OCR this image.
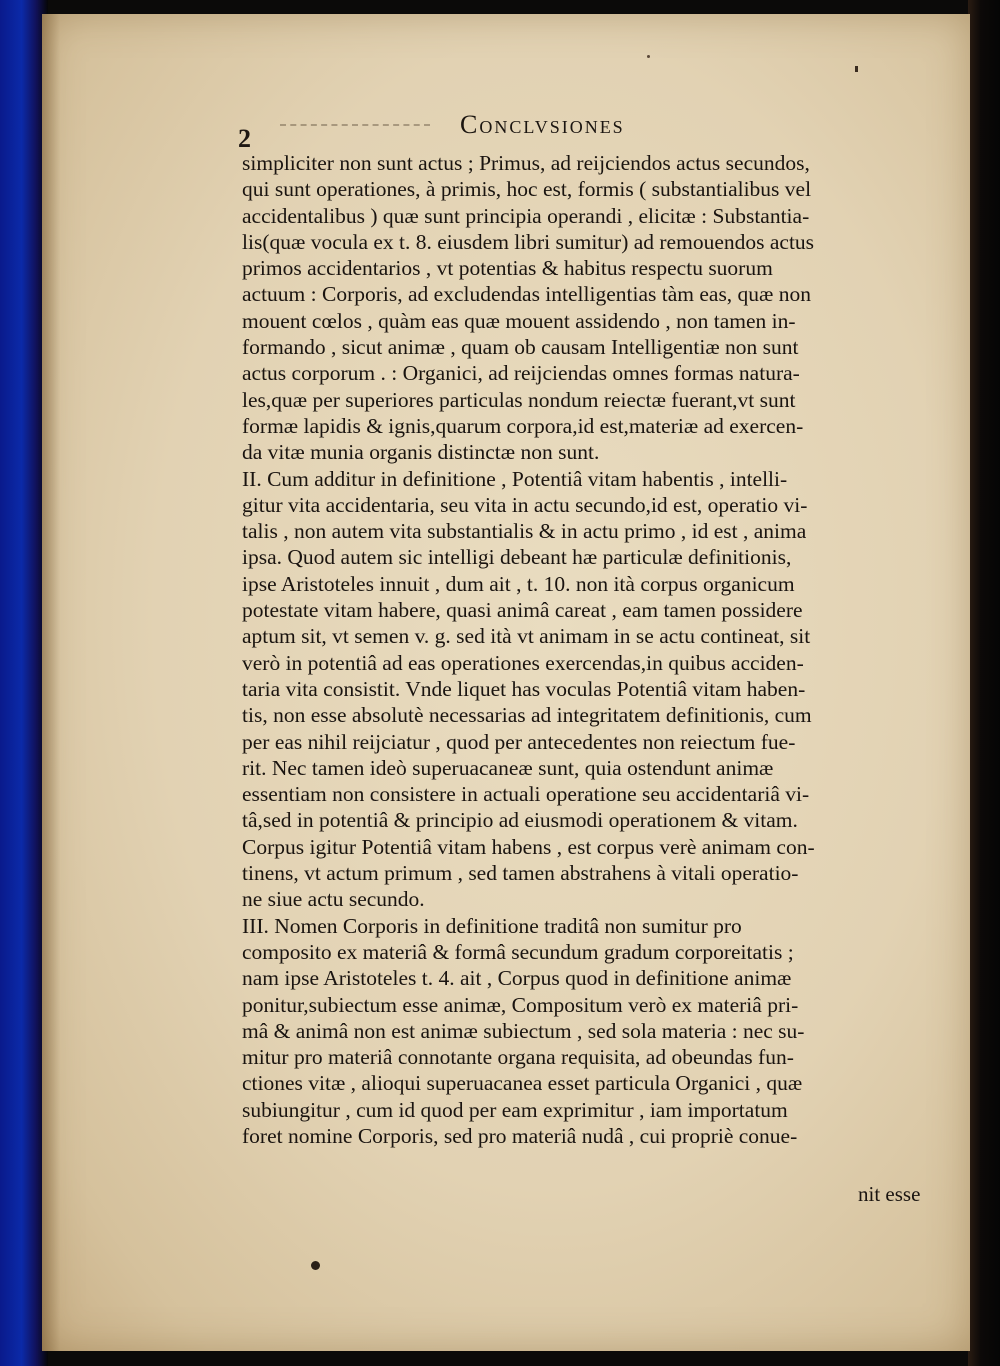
2	Conclvsiones
simpliciter non sunt actus ; Primus, ad reijciendos actus secundos,
qui sunt operationes, à primis, hoc est, formis ( substantialibus vel
accidentalibus ) quæ sunt principia operandi , elicitæ : Substantia-
lis(quæ vocula ex t. 8. eiusdem libri sumitur) ad remouendos actus
primos accidentarios , vt potentias & habitus respectu suorum
actuum : Corporis, ad excludendas intelligentias tàm eas, quæ non
mouent cœlos , quàm eas quæ mouent assidendo , non tamen in-
formando , sicut animæ , quam ob causam Intelligentiæ non sunt
actus corporum . : Organici, ad reijciendas omnes formas natura-
les,quæ per superiores particulas nondum reiectæ fuerant,vt sunt
formæ lapidis & ignis,quarum corpora,id est,materiæ ad exercen-
da vitæ munia organis distinctæ non sunt.
II. Cum additur in definitione , Potentiâ vitam habentis , intelli-
gitur vita accidentaria, seu vita in actu secundo,id est, operatio vi-
talis , non autem vita substantialis & in actu primo , id est , anima
ipsa. Quod autem sic intelligi debeant hæ particulæ definitionis,
ipse Aristoteles innuit , dum ait , t. 10. non ità corpus organicum
potestate vitam habere, quasi animâ careat , eam tamen possidere
aptum sit, vt semen v. g. sed ità vt animam in se actu contineat, sit
verò in potentiâ ad eas operationes exercendas,in quibus acciden-
taria vita consistit. Vnde liquet has voculas Potentiâ vitam haben-
tis, non esse absolutè necessarias ad integritatem definitionis, cum
per eas nihil reijciatur , quod per antecedentes non reiectum fue-
rit. Nec tamen ideò superuacaneæ sunt, quia ostendunt animæ
essentiam non consistere in actuali operatione seu accidentariâ vi-
tâ,sed in potentiâ & principio ad eiusmodi operationem & vitam.
Corpus igitur Potentiâ vitam habens , est corpus verè animam con-
tinens, vt actum primum , sed tamen abstrahens à vitali operatio-
ne siue actu secundo.
III. Nomen Corporis in definitione traditâ non sumitur pro
composito ex materiâ & formâ secundum gradum corporeitatis ;
nam ipse Aristoteles t. 4. ait , Corpus quod in definitione animæ
ponitur,subiectum esse animæ, Compositum verò ex materiâ pri-
mâ & animâ non est animæ subiectum , sed sola materia : nec su-
mitur pro materiâ connotante organa requisita, ad obeundas fun-
ctiones vitæ , alioqui superuacanea esset particula Organici , quæ
subiungitur , cum id quod per eam exprimitur , iam importatum
foret nomine Corporis, sed pro materiâ nudâ , cui propriè conue-
nit esse
